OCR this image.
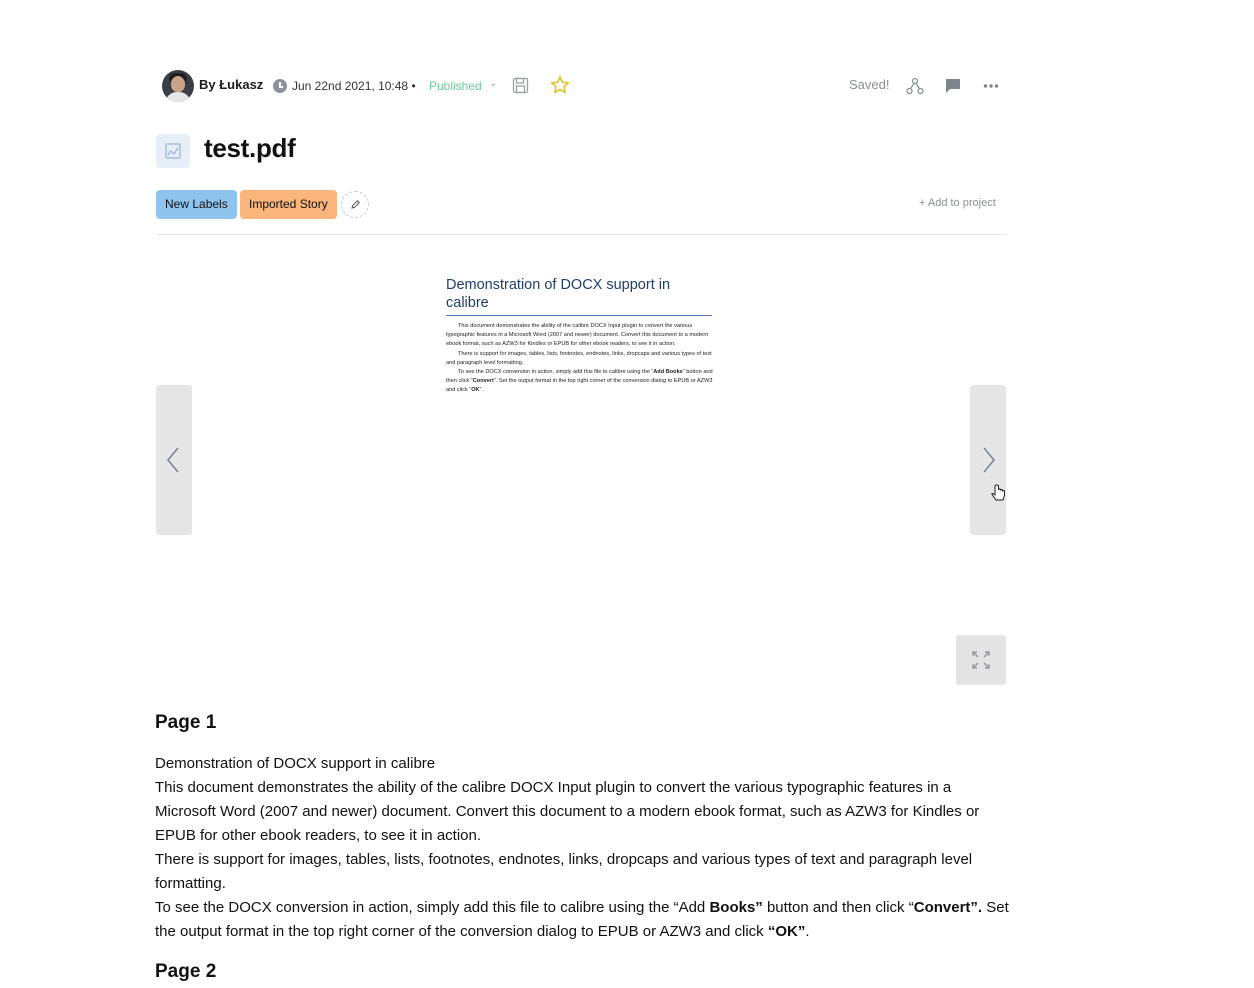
By Łukasz Jun 22nd 2021, 10:48 • Published ⌄	Saved!
test.pdf
New Labels	Imported Story	+ Add to project
Demonstration of DOCX support in calibre

This document demonstrates the ability of the calibre DOCX Input plugin to convert the various typographic features in a Microsoft Word (2007 and newer) document. Convert this document to a modern ebook format, such as AZW3 for Kindles or EPUB for other ebook readers, to see it in action.

There is support for images, tables, lists, footnotes, endnotes, links, dropcaps and various types of text and paragraph level formatting.

To see the DOCX conversion in action, simply add this file to calibre using the “Add Books” button and then click “Convert”. Set the output format in the top right corner of the conversion dialog to EPUB or AZW3 and click “OK”.

Page 1

Demonstration of DOCX support in calibre

This document demonstrates the ability of the calibre DOCX Input plugin to convert the various typographic features in a Microsoft Word (2007 and newer) document. Convert this document to a modern ebook format, such as AZW3 for Kindles or EPUB for other ebook readers, to see it in action.

There is support for images, tables, lists, footnotes, endnotes, links, dropcaps and various types of text and paragraph level formatting.

To see the DOCX conversion in action, simply add this file to calibre using the “Add Books” button and then click “Convert”. Set the output format in the top right corner of the conversion dialog to EPUB or AZW3 and click “OK”.

Page 2
